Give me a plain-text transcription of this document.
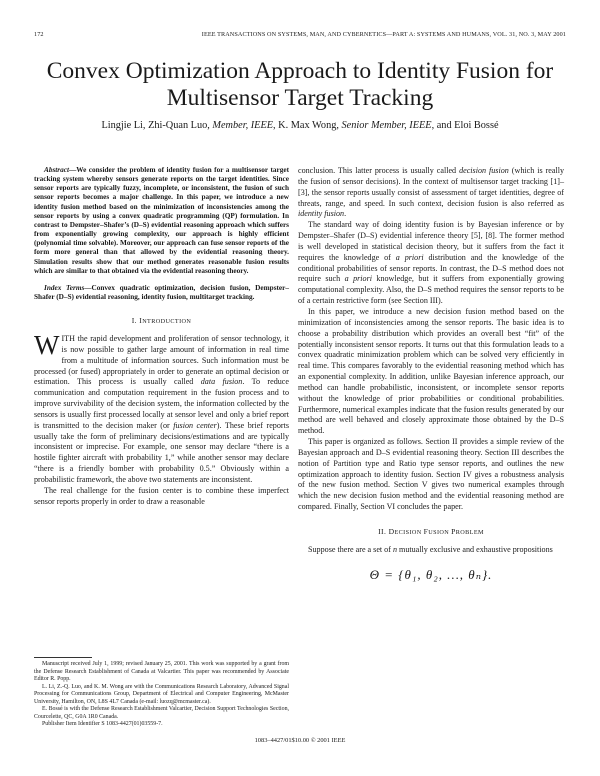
172	IEEE TRANSACTIONS ON SYSTEMS, MAN, AND CYBERNETICS—PART A: SYSTEMS AND HUMANS, VOL. 31, NO. 3, MAY 2001
Convex Optimization Approach to Identity Fusion for Multisensor Target Tracking
Lingjie Li, Zhi-Quan Luo, Member, IEEE, K. Max Wong, Senior Member, IEEE, and Eloi Bossé

Abstract—We consider the problem of identity fusion for a multisensor target tracking system whereby sensors generate reports on the target identities. Since sensor reports are typically fuzzy, incomplete, or inconsistent, the fusion of such sensor reports becomes a major challenge. In this paper, we introduce a new identity fusion method based on the minimization of inconsistencies among the sensor reports by using a convex quadratic programming (QP) formulation. In contrast to Dempster–Shafer’s (D–S) evidential reasoning approach which suffers from exponentially growing complexity, our approach is highly efficient (polynomial time solvable). Moreover, our approach can fuse sensor reports of the form more general than that allowed by the evidential reasoning theory. Simulation results show that our method generates reasonable fusion results which are similar to that obtained via the evidential reasoning theory.

Index Terms—Convex quadratic optimization, decision fusion, Dempster–Shafer (D–S) evidential reasoning, identity fusion, multitarget tracking.

I. INTRODUCTION

WITH the rapid development and proliferation of sensor technology, it is now possible to gather large amount of information in real time from a multitude of information sources. Such information must be processed (or fused) appropriately in order to generate an optimal decision or estimation. This process is usually called data fusion. To reduce communication and computation requirement in the fusion process and to improve survivability of the decision system, the information collected by the sensors is usually first processed locally at sensor level and only a brief report is transmitted to the decision maker (or fusion center). These brief reports usually take the form of preliminary decisions/estimations and are typically inconsistent or imprecise. For example, one sensor may declare “there is a hostile fighter aircraft with probability 1,” while another sensor may declare “there is a friendly bomber with probability 0.5.” Obviously within a probabilistic framework, the above two statements are inconsistent.

The real challenge for the fusion center is to combine these imperfect sensor reports properly in order to draw a reasonable

Manuscript received July 1, 1999; revised January 25, 2001. This work was supported by a grant from the Defense Research Establishment of Canada at Valcartier. This paper was recommended by Associate Editor R. Popp.

L. Li, Z.-Q. Luo, and K. M. Wong are with the Communications Research Laboratory, Advanced Signal Processing for Communications Group, Department of Electrical and Computer Engineering, McMaster University, Hamilton, ON, L8S 4L7 Canada (e-mail: luozq@mcmaster.ca).

E. Bossé is with the Defense Research Establishment Valcartier, Decision Support Technologies Section, Courcelette, QC, G0A 1R0 Canada.

Publisher Item Identifier S 1083-4427(01)03559-7.

conclusion. This latter process is usually called decision fusion (which is really the fusion of sensor decisions). In the context of multisensor target tracking [1]–[3], the sensor reports usually consist of assessment of target identities, degree of threats, range, and speed. In such context, decision fusion is also referred as identity fusion.

The standard way of doing identity fusion is by Bayesian inference or by Dempster–Shafer (D–S) evidential inference theory [5], [8]. The former method is well developed in statistical decision theory, but it suffers from the fact it requires the knowledge of a priori distribution and the knowledge of the conditional probabilities of sensor reports. In contrast, the D–S method does not require such a priori knowledge, but it suffers from exponentially growing computational complexity. Also, the D–S method requires the sensor reports to be of a certain restrictive form (see Section III).

In this paper, we introduce a new decision fusion method based on the minimization of inconsistencies among the sensor reports. The basic idea is to choose a probability distribution which provides an overall best “fit” of the potentially inconsistent sensor reports. It turns out that this formulation leads to a convex quadratic minimization problem which can be solved very efficiently in real time. This compares favorably to the evidential reasoning method which has an exponential complexity. In addition, unlike Bayesian inference approach, our method can handle probabilistic, inconsistent, or incomplete sensor reports without the knowledge of prior probabilities or conditional probabilities. Furthermore, numerical examples indicate that the fusion results generated by our method are well behaved and closely approximate those obtained by the D–S method.

This paper is organized as follows. Section II provides a simple review of the Bayesian approach and D–S evidential reasoning theory. Section III describes the notion of Partition type and Ratio type sensor reports, and outlines the new optimization approach to identity fusion. Section IV gives a robustness analysis of the new fusion method. Section V gives two numerical examples through which the new decision fusion method and the evidential reasoning method are compared. Finally, Section VI concludes the paper.

II. DECISION FUSION PROBLEM

Suppose there are a set of n mutually exclusive and exhaustive propositions

Θ = {θ₁, θ₂, …, θₙ}.
1083–4427/01$10.00 © 2001 IEEE
